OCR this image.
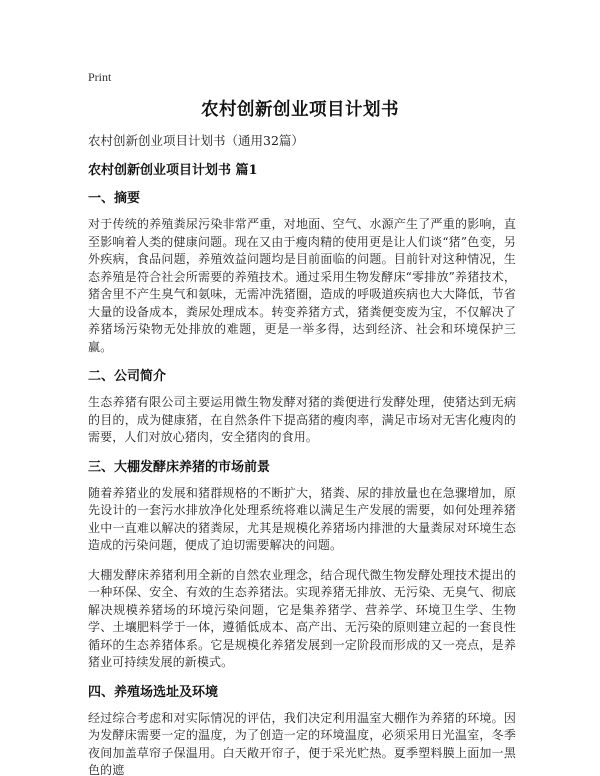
Print
农村创新创业项目计划书

农村创新创业项目计划书（通用32篇）

农村创新创业项目计划书 篇1

一、摘要

对于传统的养殖粪尿污染非常严重，对地面、空气、水源产生了严重的影响，直至影响着人类的健康问题。现在又由于瘦肉精的使用更是让人们谈“猪”色变，另外疾病，食品问题，养殖效益问题均是目前面临的问题。目前针对这种情况，生态养殖是符合社会所需要的养殖技术。通过采用生物发酵床“零排放”养猪技术，猪舍里不产生臭气和氨味，无需冲洗猪圈，造成的呼吸道疾病也大大降低，节省大量的设备成本，粪尿处理成本。转变养猪方式，猪粪便变废为宝，不仅解决了养猪场污染物无处排放的难题，更是一举多得，达到经济、社会和环境保护三赢。

二、公司简介

生态养猪有限公司主要运用微生物发酵对猪的粪便进行发酵处理，使猪达到无病的目的，成为健康猪，在自然条件下提高猪的瘦肉率，满足市场对无害化瘦肉的需要，人们对放心猪肉，安全猪肉的食用。

三、大棚发酵床养猪的市场前景

随着养猪业的发展和猪群规格的不断扩大，猪粪、尿的排放量也在急骤增加，原先设计的一套污水排放净化处理系统将难以满足生产发展的需要，如何处理养猪业中一直难以解决的猪粪尿，尤其是规模化养猪场内排泄的大量粪尿对环境生态造成的污染问题，便成了迫切需要解决的问题。

大棚发酵床养猪利用全新的自然农业理念，结合现代微生物发酵处理技术提出的一种环保、安全、有效的生态养猪法。实现养猪无排放、无污染、无臭气、彻底解决规模养猪场的环境污染问题，它是集养猪学、营养学、环境卫生学、生物学、土壤肥料学于一体，遵循低成本、高产出、无污染的原则建立起的一套良性循环的生态养猪体系。它是规模化养猪发展到一定阶段而形成的又一亮点，是养猪业可持续发展的新模式。

四、养殖场选址及环境

经过综合考虑和对实际情况的评估，我们决定利用温室大棚作为养猪的环境。因为发酵床需要一定的温度，为了创造一定的环境温度，必须采用日光温室，冬季夜间加盖草帘子保温用。白天敞开帘子，便于采光贮热。夏季塑料膜上面加一黑色的遮
